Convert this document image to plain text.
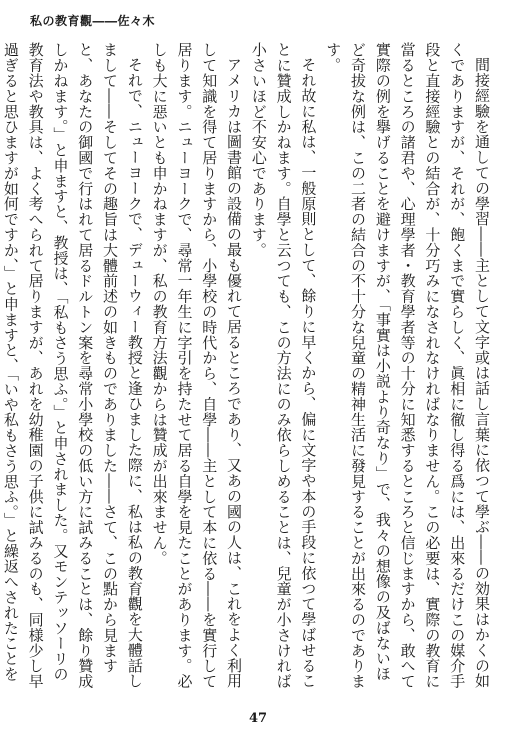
私の教育觀――佐々木

間接經驗を通しての學習――主として文字或は話し言葉に依つて學ぶ――の効果はかくの如くでありますが、それが、飽くまで實らしく、眞相に徹し得る爲には、出來るだけこの媒介手段と直接經驗との結合が、十分巧みになされなければなりません。この必要は、實際の教育に當るところの諸君や、心理學者・教育學者等の十分に知悉するところと信じますから、敢へて實際の例を擧げることを避けますが、「事實は小説より奇なり」で、我々の想像の及ばないほど奇拔な例は、この二者の結合の不十分な兒童の精神生活に發見することが出來るのであります。

それ故に私は、一般原則として、餘りに早くから、偏に文字や本の手段に依つて學ばせることに贊成しかねます。自學と云つても、この方法にのみ依らしめることは、兒童が小さければ小さいほど不安心であります。

アメリカは圖書館の設備の最も優れて居るところであり、又あの國の人は、これをよく利用して知識を得て居りますから、小學校の時代から、自學――主として本に依る――を實行して居ります。ニューヨークで、尋常一年生に字引を持たせて居る自學を見たことがあります。必しも大に惡いとも申かねますが、私の教育方法觀からは贊成が出來ません。

それで、ニューヨークで、デューウィー教授と逢ひました際に、私は私の教育觀を大體話しまして――そしてその趣旨は大體前述の如きものでありました――さて、この點から見ますと、あなたの御國で行はれて居るドルトン案を尋常小學校の低い方に試みることは、餘り贊成しかねます。」と申ますと、教授は、「私もさう思ふ。」と申されました。又モンテッソーリの教育法や教具は、よく考へられて居りますが、あれを幼稚園の子供に試みるのも、同様少し早過ぎると思ひますが如何ですか、」と申ますと、「いや私もさう思ふ。」と繰返へされたことを

47
